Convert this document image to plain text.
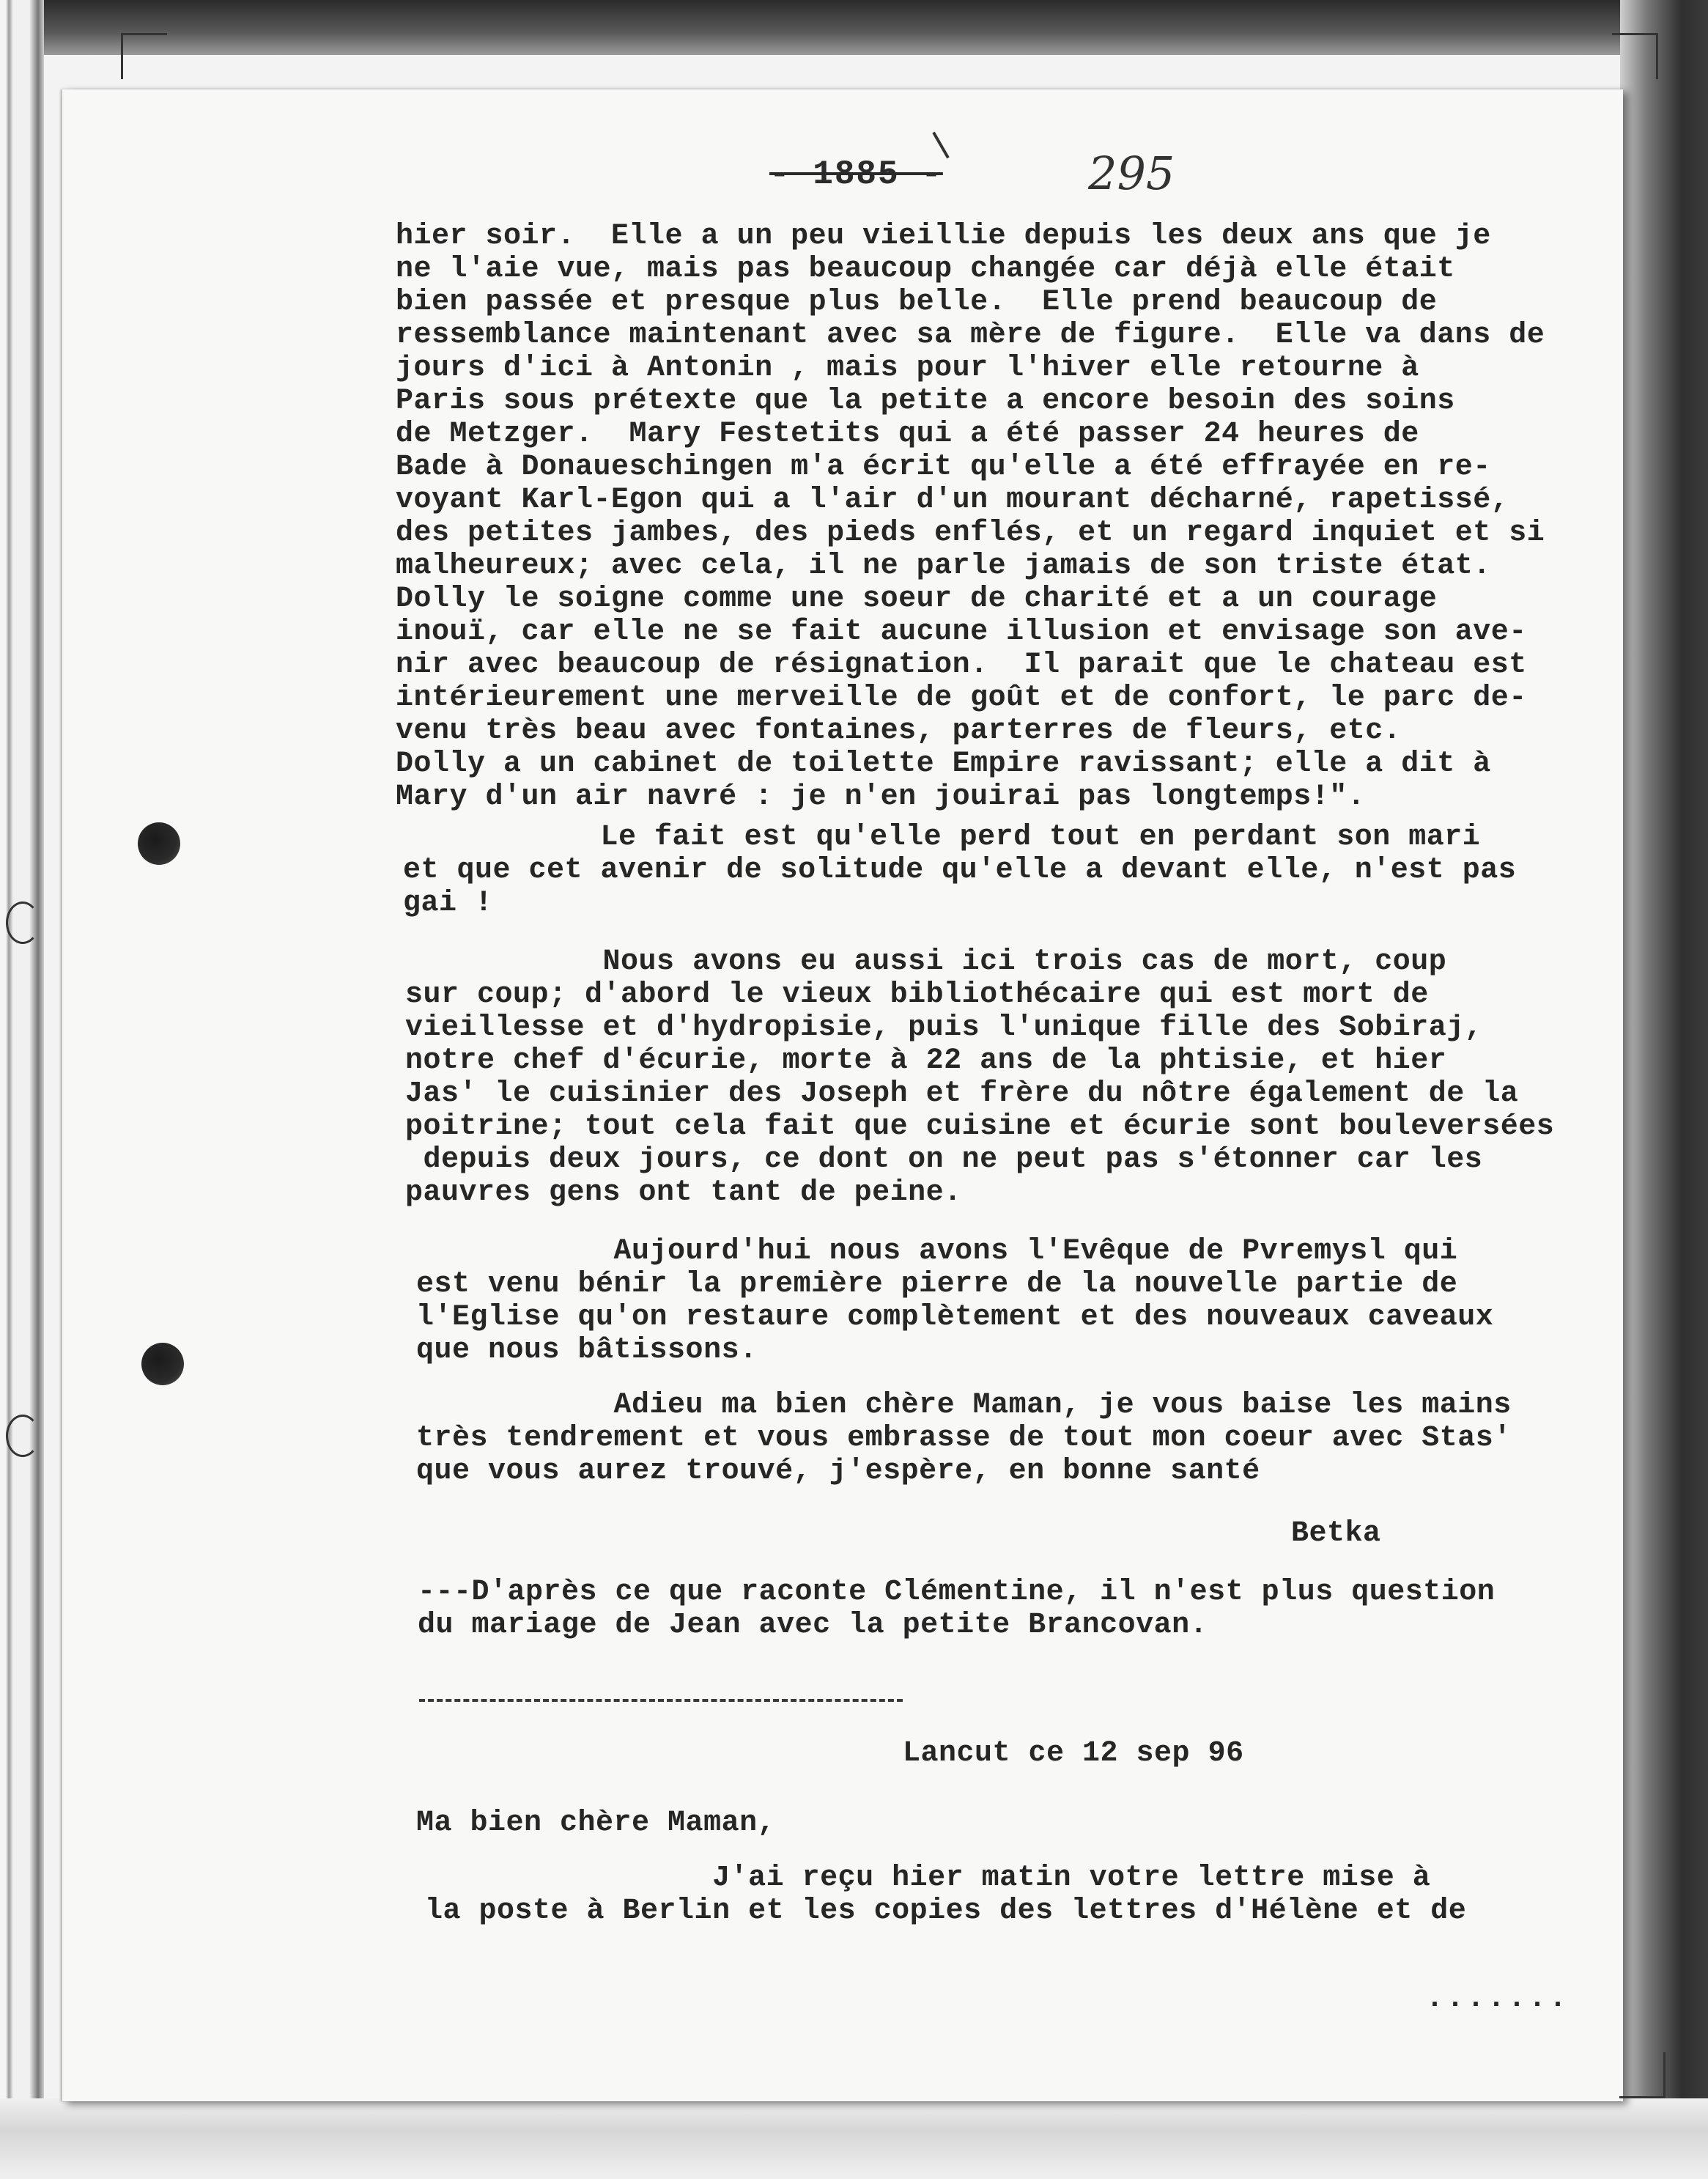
- 1885 -	295
hier soir.  Elle a un peu vieillie depuis les deux ans que je
ne l'aie vue, mais pas beaucoup changée car déjà elle était
bien passée et presque plus belle.  Elle prend beaucoup de
ressemblance maintenant avec sa mère de figure.  Elle va dans de
jours d'ici à Antonin , mais pour l'hiver elle retourne à
Paris sous prétexte que la petite a encore besoin des soins
de Metzger.  Mary Festetits qui a été passer 24 heures de
Bade à Donaueschingen m'a écrit qu'elle a été effrayée en re-
voyant Karl-Egon qui a l'air d'un mourant décharné, rapetissé,
des petites jambes, des pieds enflés, et un regard inquiet et si
malheureux; avec cela, il ne parle jamais de son triste état.
Dolly le soigne comme une soeur de charité et a un courage
inouï, car elle ne se fait aucune illusion et envisage son ave-
nir avec beaucoup de résignation.  Il parait que le chateau est
intérieurement une merveille de goût et de confort, le parc de-
venu très beau avec fontaines, parterres de fleurs, etc.
Dolly a un cabinet de toilette Empire ravissant; elle a dit à
Mary d'un air navré : je n'en jouirai pas longtemps!".
Le fait est qu'elle perd tout en perdant son mari
et que cet avenir de solitude qu'elle a devant elle, n'est pas
gai !
Nous avons eu aussi ici trois cas de mort, coup
sur coup; d'abord le vieux bibliothécaire qui est mort de
vieillesse et d'hydropisie, puis l'unique fille des Sobiraj,
notre chef d'écurie, morte à 22 ans de la phtisie, et hier
Jas' le cuisinier des Joseph et frère du nôtre également de la
poitrine; tout cela fait que cuisine et écurie sont bouleversées
depuis deux jours, ce dont on ne peut pas s'étonner car les
pauvres gens ont tant de peine.
Aujourd'hui nous avons l'Evêque de Pvremysl qui
est venu bénir la première pierre de la nouvelle partie de
l'Eglise qu'on restaure complètement et des nouveaux caveaux
que nous bâtissons.
Adieu ma bien chère Maman, je vous baise les mains
très tendrement et vous embrasse de tout mon coeur avec Stas'
que vous aurez trouvé, j'espère, en bonne santé
Betka
---D'après ce que raconte Clémentine, il n'est plus question
du mariage de Jean avec la petite Brancovan.
Lancut ce 12 sep 96
Ma bien chère Maman,
J'ai reçu hier matin votre lettre mise à
la poste à Berlin et les copies des lettres d'Hélène et de
.......
